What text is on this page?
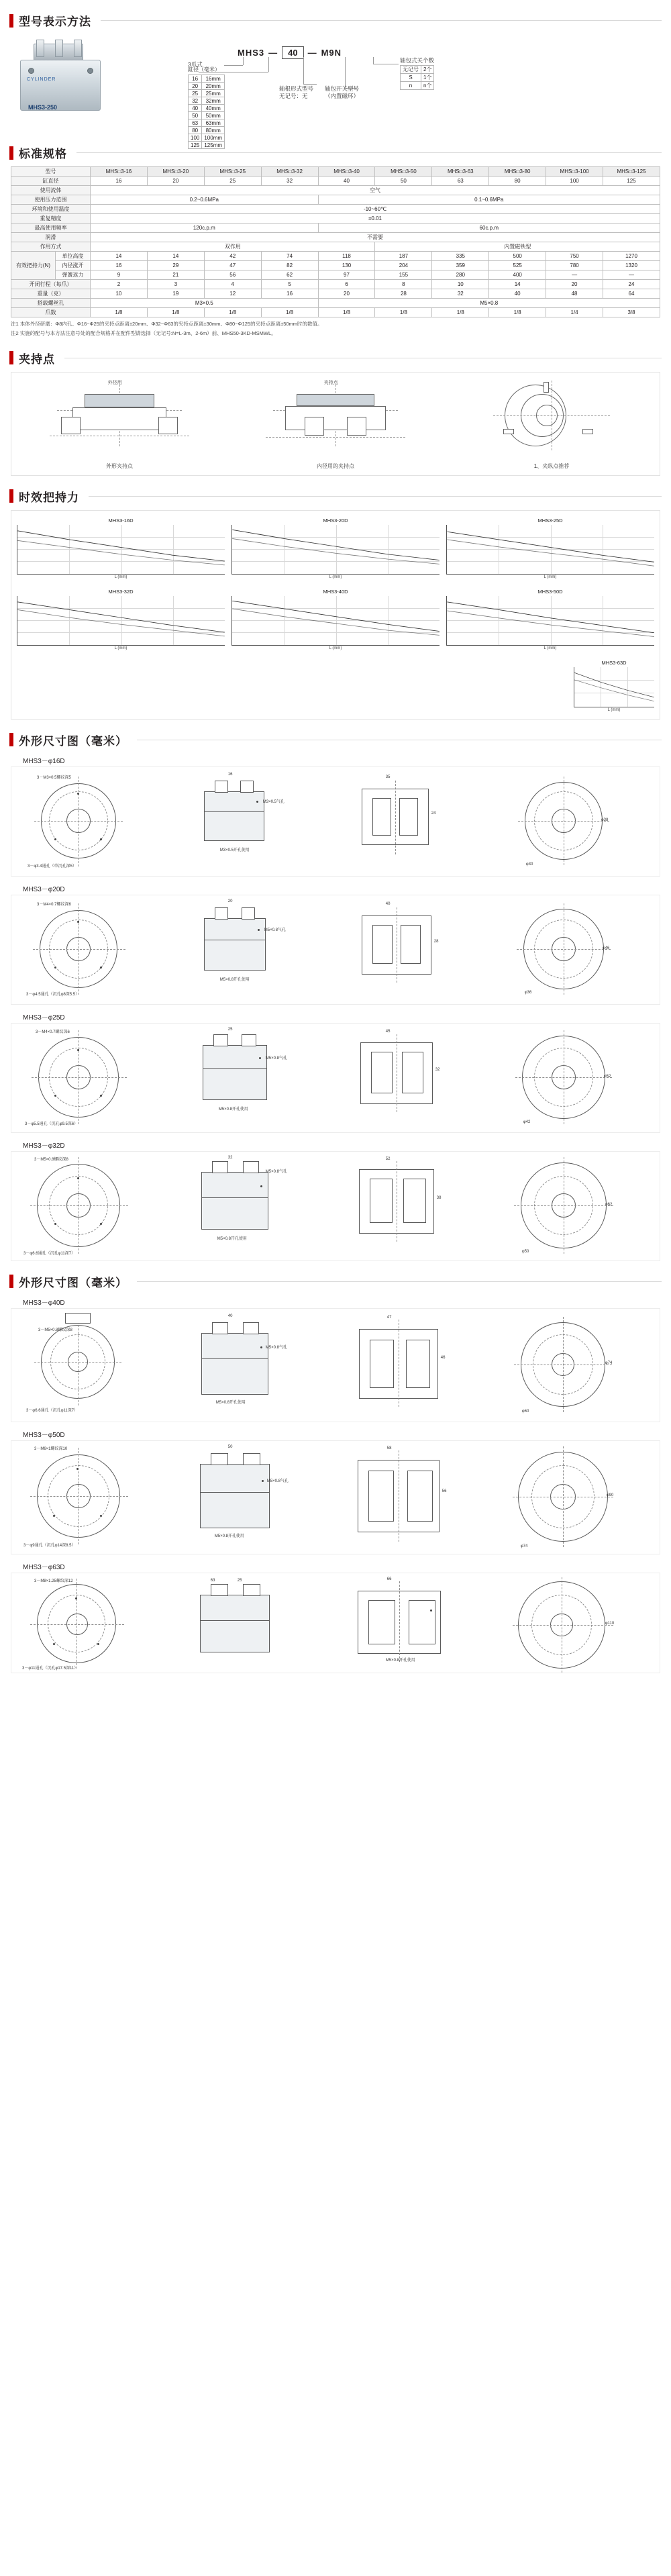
型号表示方法
CYLINDER
MHS3-250
MHS3 —	40	— M9N
3爪式
缸径（毫米）
16	16mm
20	20mm
25	25mm
32	32mm
40	40mm
50	50mm
63	63mm
80	80mm
100	100mm
125	125mm
轴根形式型号
无记号：无
轴包开关型号
（内置磁环）
轴包式关个数
无记号	2个
S	1个
n	n个
标准规格
型号		MHS□3-16	MHS□3-20	MHS□3-25	MHS□3-32	MHS□3-40	MHS□3-50	MHS□3-63	MHS□3-80	MHS□3-100	MHS□3-125
缸直径		16	20	25	32	40	50	63	80	100	125
使用流体		空气									
使用压力范围		0.2~0.6MPa				0.1~0.6MPa					
环境和使用温度		-10~60℃									
重复精度		±0.01									
最高使用频率		120c.p.m				60c.p.m					
润滑		不需要									
作用方式		双作用					内置磁铁型				
有效把持力(N)	单位高度	14	14	42	74	118	187	335	500	750	1270
	内径涨开	16	29	47	82	130	204	359	525	780	1320
	弹簧返力	9	21	56	62	97	155	280	400	—	—
开闭行程（每爪）		2	3	4	5	6	8	10	14	20	24
重量（克）		10	19	12	16	20	28	32	40	48	64
搭载螺丝孔		M3×0.5				M5×0.8					
爪数		1/8	1/8	1/8	1/8	1/8	1/8	1/8	1/8	1/4	3/8
注1 本体外径研磨：Φ8内孔、Φ16~Φ25的夹持点距离±20mm、Φ32~Φ63的夹持点距离±30mm、Φ80~Φ125的夹持点距离±50mm时的数值。
注2 实施的配号与本方法注意号处的配合规格并在配件型请选择（无记号:N=L-3m、2-6m）前、MHS50-3KD-MSMWL。
夹持点
外径用
外形夹持点
夹持点
内径用的夹持点	1、夹纵点推荐
时效把持力
MHS3-16D
L (mm)
MHS3-20D
L (mm)
MHS3-25D
L (mm)
MHS3-32D
L (mm)
MHS3-40D
L (mm)
MHS3-50D
L (mm)
MHS3-63D
L (mm)
外形尺寸图（毫米）
MHS3－φ16D
3－M3×0.5螺纹深5
3－φ3.4通孔（单沉孔深5）
M3×0.5气孔
M3×0.5开孔使用
16
35
24
φ38
φ30
MHS3－φ20D
3－M4×0.7螺纹深6
3－φ4.5通孔（沉孔φ8深5.5）
M5×0.8气孔
M5×0.8开孔使用
20
40
28
φ46
φ36
MHS3－φ25D
3－M4×0.7螺纹深6
3－φ5.5通孔（沉孔φ9.5深6）
M5×0.8气孔
M5×0.8开孔使用
25	45
32
φ52
φ42
MHS3－φ32D
3－M5×0.8螺纹深8
3－φ6.6通孔（沉孔φ11深7）
M5×0.8气孔
M5×0.8开孔使用
32	52
38
φ62
φ50
外形尺寸图（毫米）
MHS3－φ40D
3－M5×0.8螺纹深8
3－φ6.6通孔（沉孔φ11深7）
M5×0.8气孔
M5×0.8开孔使用
40	47
46
φ74
φ60
MHS3－φ50D
3－M6×1螺纹深10
3－φ9通孔（沉孔φ14深8.5）
M5×0.8气孔
M5×0.8开孔使用
50	58
56
φ90
φ74
MHS3－φ63D
3－M8×1.25螺纹深12
3－φ11通孔（沉孔φ17.5深11）
63	25	66
M5×0.8开孔使用
φ110
